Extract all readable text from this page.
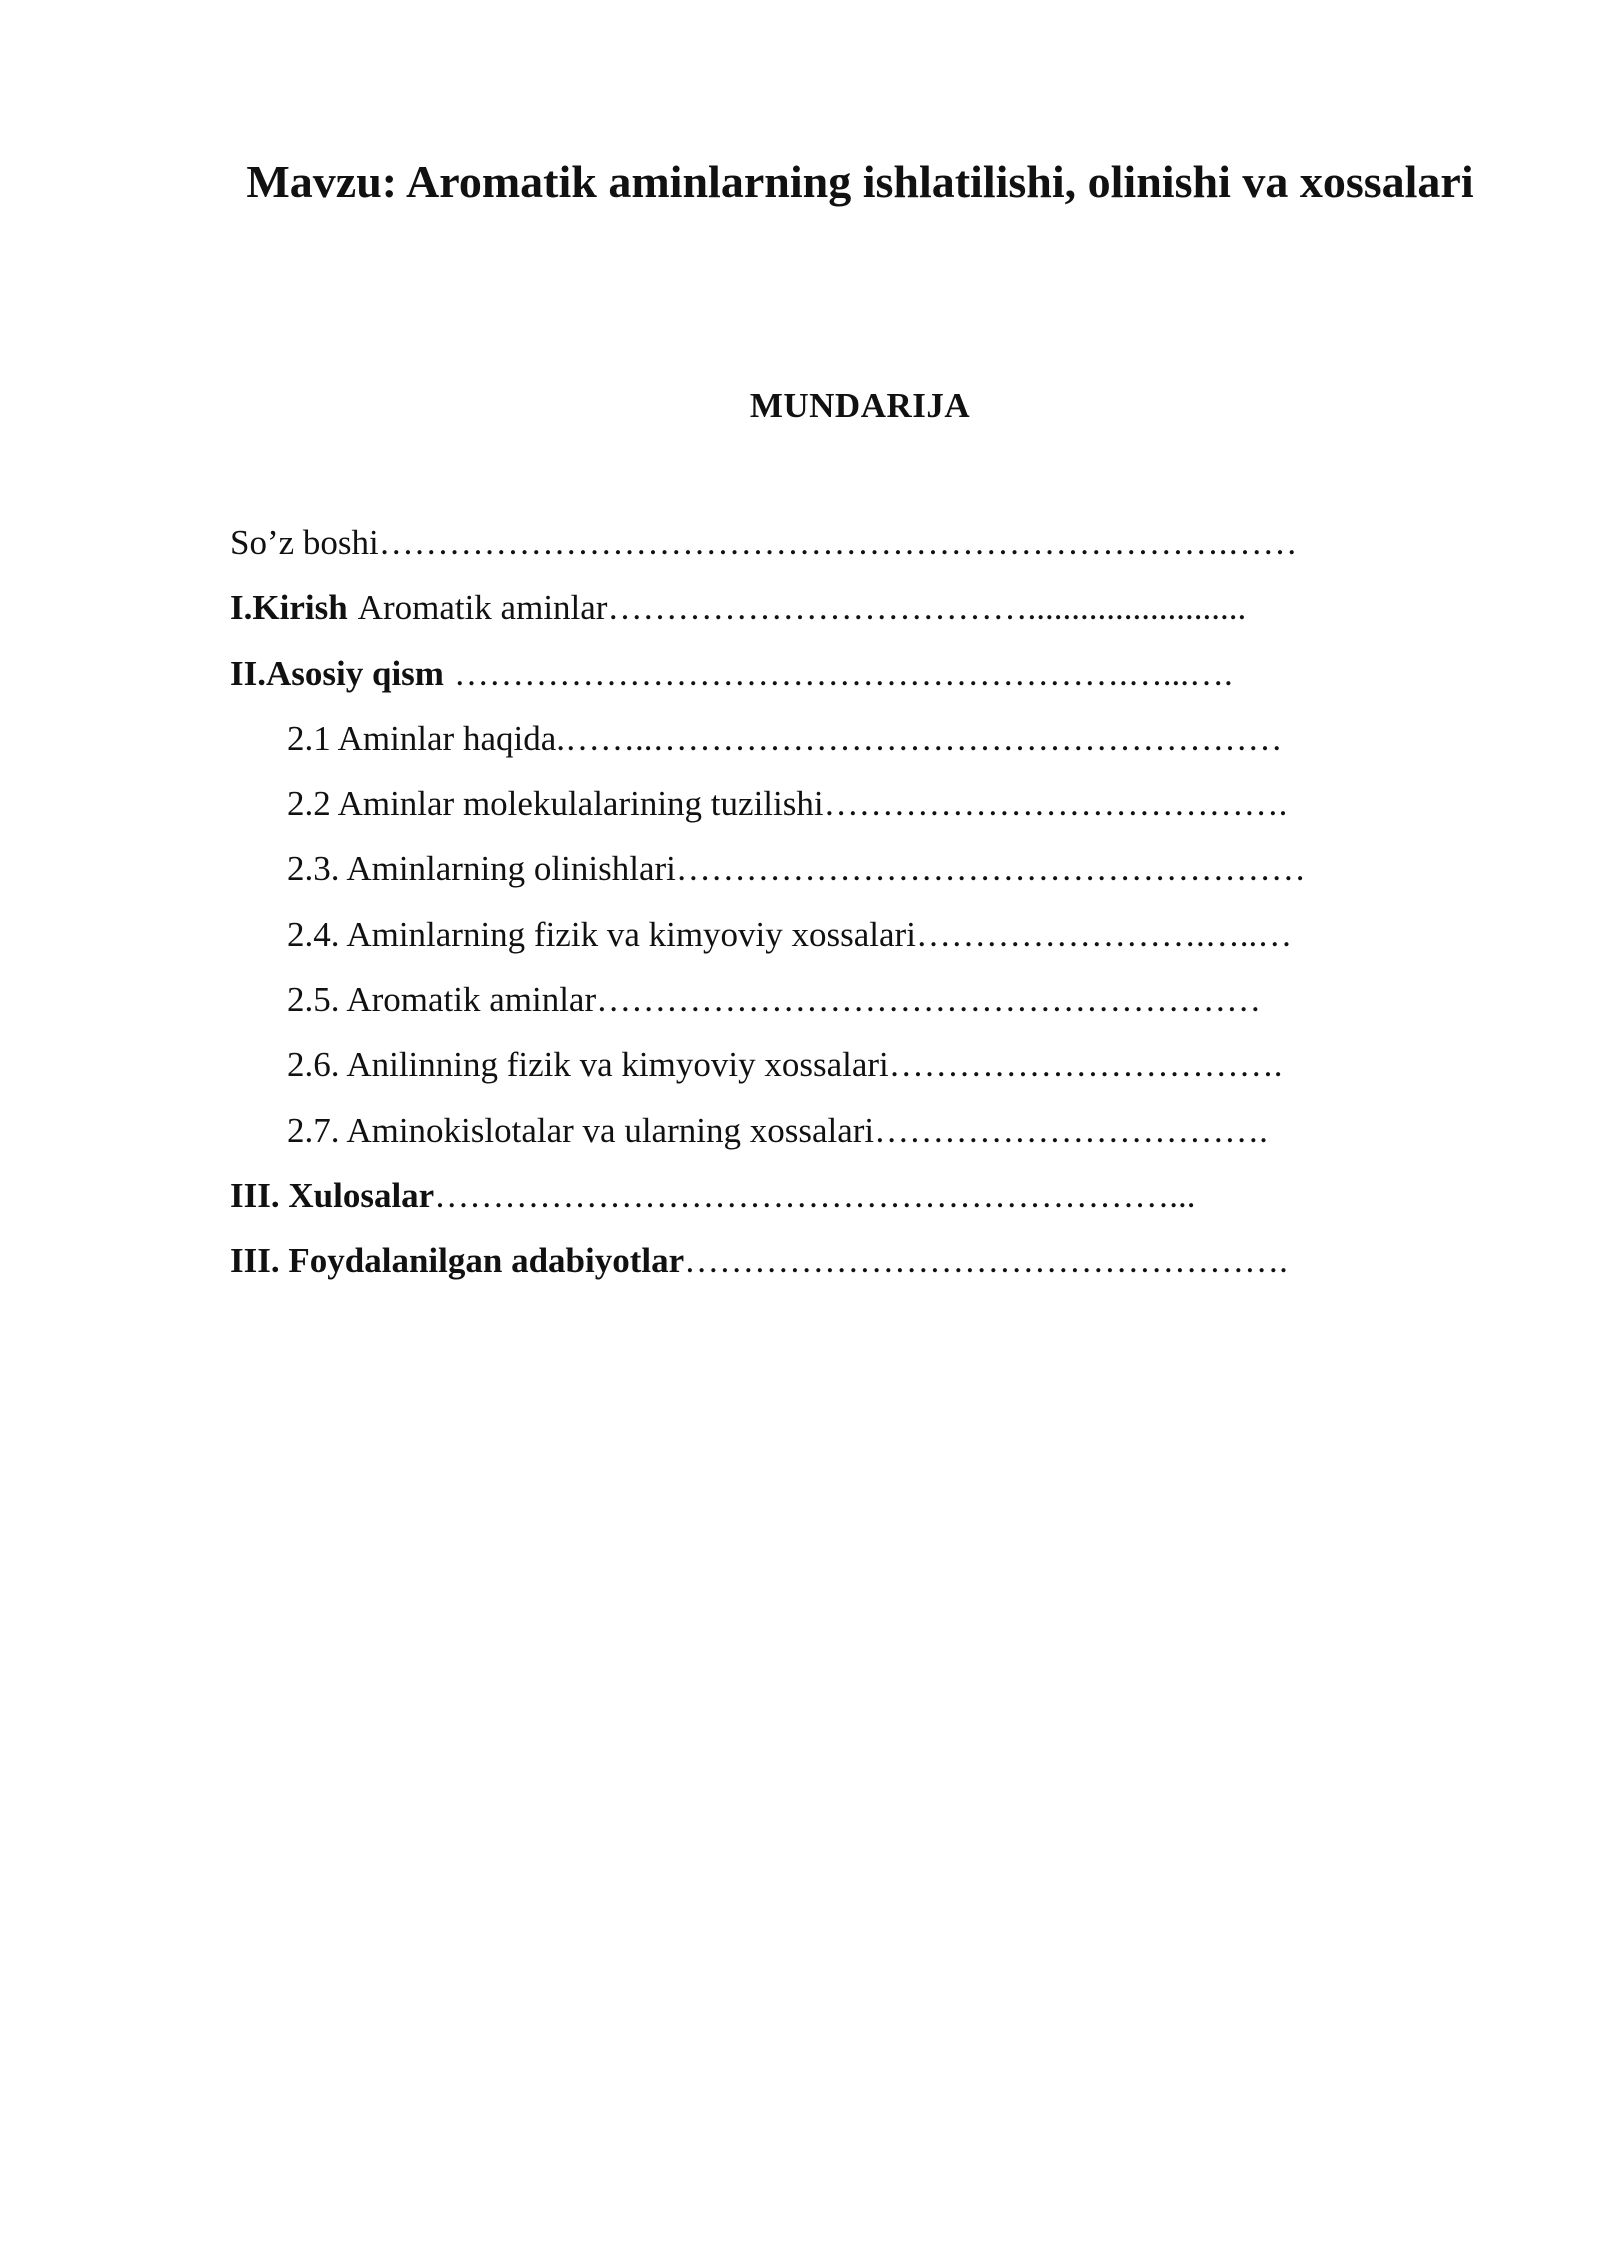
Mavzu: Aromatik aminlarning ishlatilishi, olinishi va xossalari
MUNDARIJA
So’z boshi ……………………………………………………………….……
I.Kirish Aromatik aminlar ……………………………….........................
II.Asosiy qism ………………………………………………….…...….
2.1 Aminlar haqida. ……..………………………………………………
2.2 Aminlar molekulalarining tuzilishi ………………………………….
2.3. Aminlarning olinishlari ………………………………………………
2.4. Aminlarning fizik va kimyoviy xossalari …………………….…..…
2.5. Aromatik aminlar …………………………………………………
2.6. Anilinning fizik va kimyoviy xossalari …………………………….
2.7. Aminokislotalar va ularning xossalari …………………………….
III . Xulosalar ………………………………………………………...
III . Foydalanilgan adabiyotlar …………………………………………….
